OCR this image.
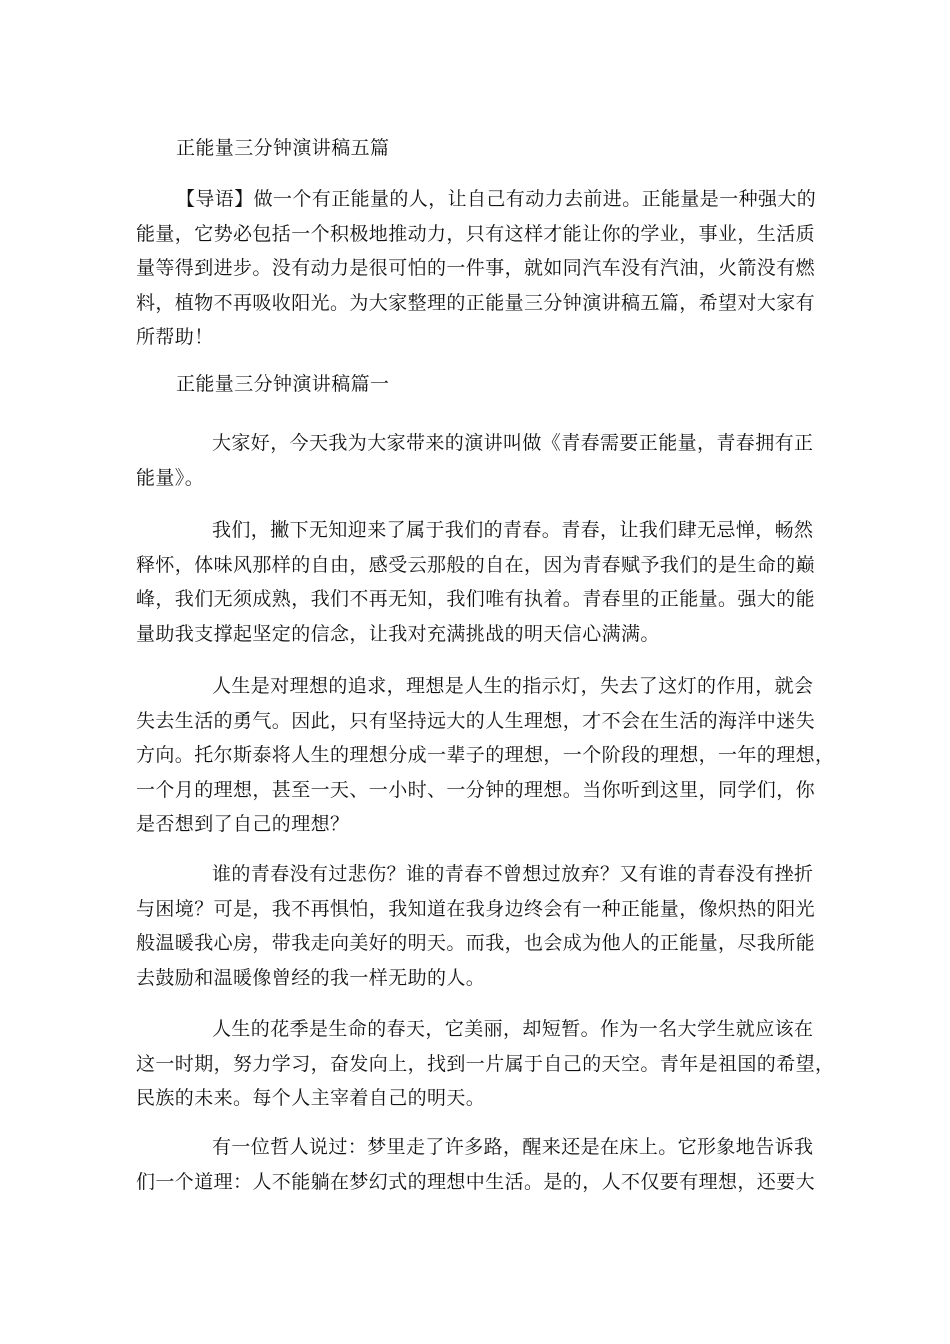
正能量三分钟演讲稿五篇
【导语】做一个有正能量的人，让自己有动力去前进。正能量是一种强大的
能量，它势必包括一个积极地推动力，只有这样才能让你的学业，事业，生活质
量等得到进步。没有动力是很可怕的一件事，就如同汽车没有汽油，火箭没有燃
料，植物不再吸收阳光。为大家整理的正能量三分钟演讲稿五篇，希望对大家有
所帮助！
正能量三分钟演讲稿篇一
大家好，今天我为大家带来的演讲叫做《青春需要正能量，青春拥有正
能量》。
我们，撇下无知迎来了属于我们的青春。青春，让我们肆无忌惮，畅然
释怀，体味风那样的自由，感受云那般的自在，因为青春赋予我们的是生命的巅
峰，我们无须成熟，我们不再无知，我们唯有执着。青春里的正能量。强大的能
量助我支撑起坚定的信念，让我对充满挑战的明天信心满满。
人生是对理想的追求，理想是人生的指示灯，失去了这灯的作用，就会
失去生活的勇气。因此，只有坚持远大的人生理想，才不会在生活的海洋中迷失
方向。托尔斯泰将人生的理想分成一辈子的理想，一个阶段的理想，一年的理想，
一个月的理想，甚至一天、一小时、一分钟的理想。当你听到这里，同学们，你
是否想到了自己的理想？
谁的青春没有过悲伤？谁的青春不曾想过放弃？又有谁的青春没有挫折
与困境？可是，我不再惧怕，我知道在我身边终会有一种正能量，像炽热的阳光
般温暖我心房，带我走向美好的明天。而我，也会成为他人的正能量，尽我所能
去鼓励和温暖像曾经的我一样无助的人。
人生的花季是生命的春天，它美丽，却短暂。作为一名大学生就应该在
这一时期，努力学习，奋发向上，找到一片属于自己的天空。青年是祖国的希望，
民族的未来。每个人主宰着自己的明天。
有一位哲人说过：梦里走了许多路，醒来还是在床上。它形象地告诉我
们一个道理：人不能躺在梦幻式的理想中生活。是的，人不仅要有理想，还要大
